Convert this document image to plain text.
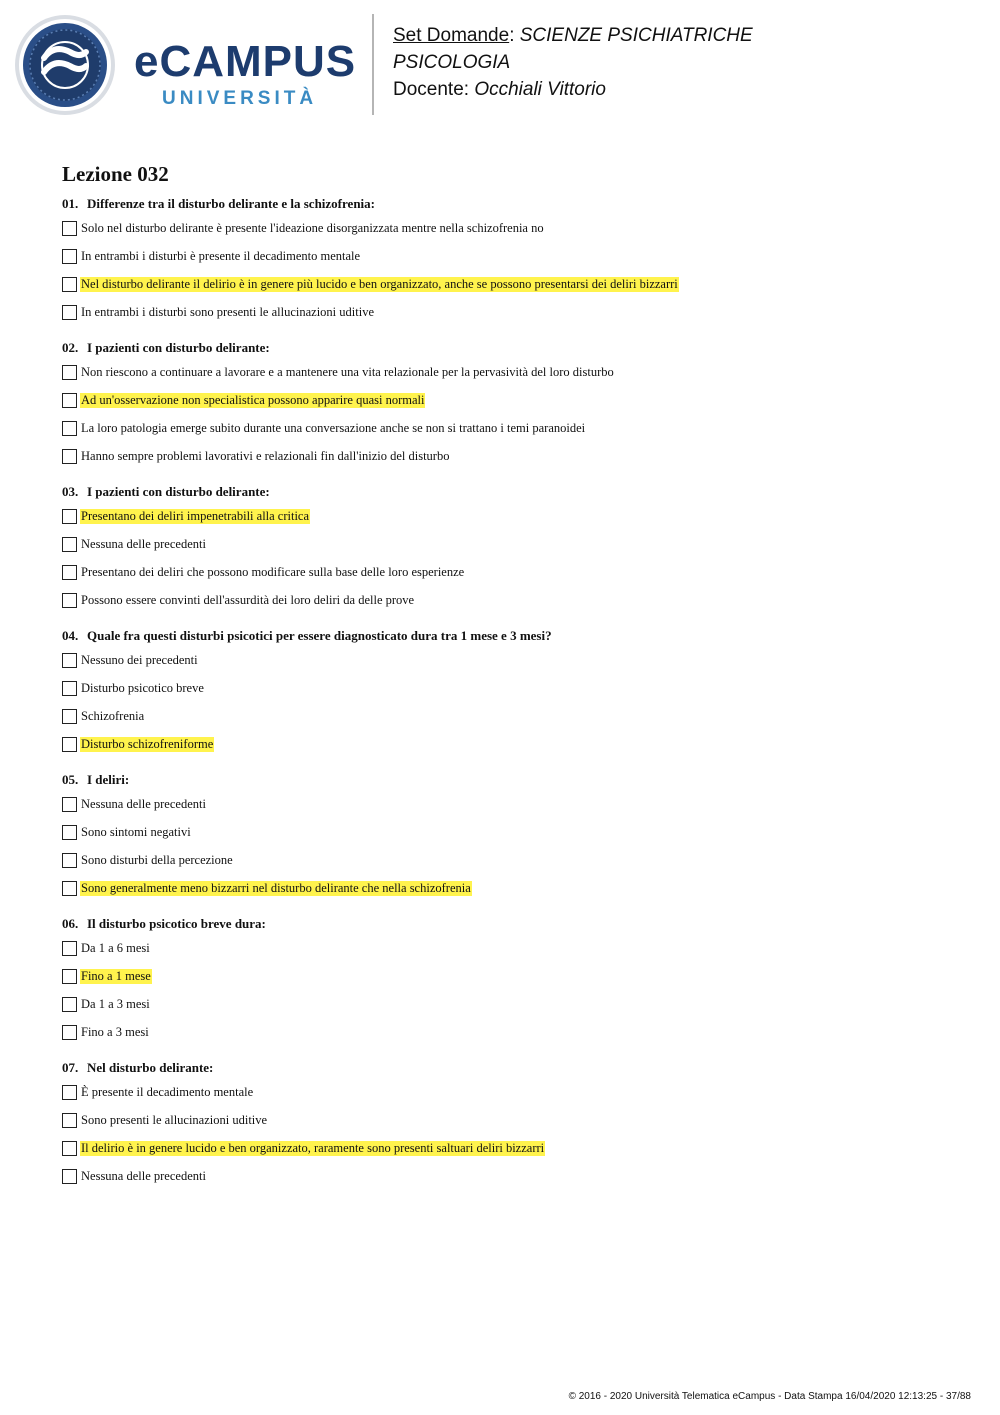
eCAMPUS
UNIVERSITÀ
Set Domande: SCIENZE PSICHIATRICHE
PSICOLOGIA
Docente: Occhiali Vittorio
Lezione 032
01. Differenze tra il disturbo delirante e la schizofrenia:
Solo nel disturbo delirante è presente l'ideazione disorganizzata mentre nella schizofrenia no
In entrambi i disturbi è presente il decadimento mentale
Nel disturbo delirante il delirio è in genere più lucido e ben organizzato, anche se possono presentarsi dei deliri bizzarri
In entrambi i disturbi sono presenti le allucinazioni uditive
02. I pazienti con disturbo delirante:
Non riescono a continuare a lavorare e a mantenere una vita relazionale per la pervasività del loro disturbo
Ad un'osservazione non specialistica possono apparire quasi normali
La loro patologia emerge subito durante una conversazione anche se non si trattano i temi paranoidei
Hanno sempre problemi lavorativi e relazionali fin dall'inizio del disturbo
03. I pazienti con disturbo delirante:
Presentano dei deliri impenetrabili alla critica
Nessuna delle precedenti
Presentano dei deliri che possono modificare sulla base delle loro esperienze
Possono essere convinti dell'assurdità dei loro deliri da delle prove
04. Quale fra questi disturbi psicotici per essere diagnosticato dura tra 1 mese e 3 mesi?
Nessuno dei precedenti
Disturbo psicotico breve
Schizofrenia
Disturbo schizofreniforme
05. I deliri:
Nessuna delle precedenti
Sono sintomi negativi
Sono disturbi della percezione
Sono generalmente meno bizzarri nel disturbo delirante che nella schizofrenia
06. Il disturbo psicotico breve dura:
Da 1 a 6 mesi
Fino a 1 mese
Da 1 a 3 mesi
Fino a 3 mesi
07. Nel disturbo delirante:
È presente il decadimento mentale
Sono presenti le allucinazioni uditive
Il delirio è in genere lucido e ben organizzato, raramente sono presenti saltuari deliri bizzarri
Nessuna delle precedenti
© 2016 - 2020 Università Telematica eCampus - Data Stampa 16/04/2020 12:13:25 - 37/88
